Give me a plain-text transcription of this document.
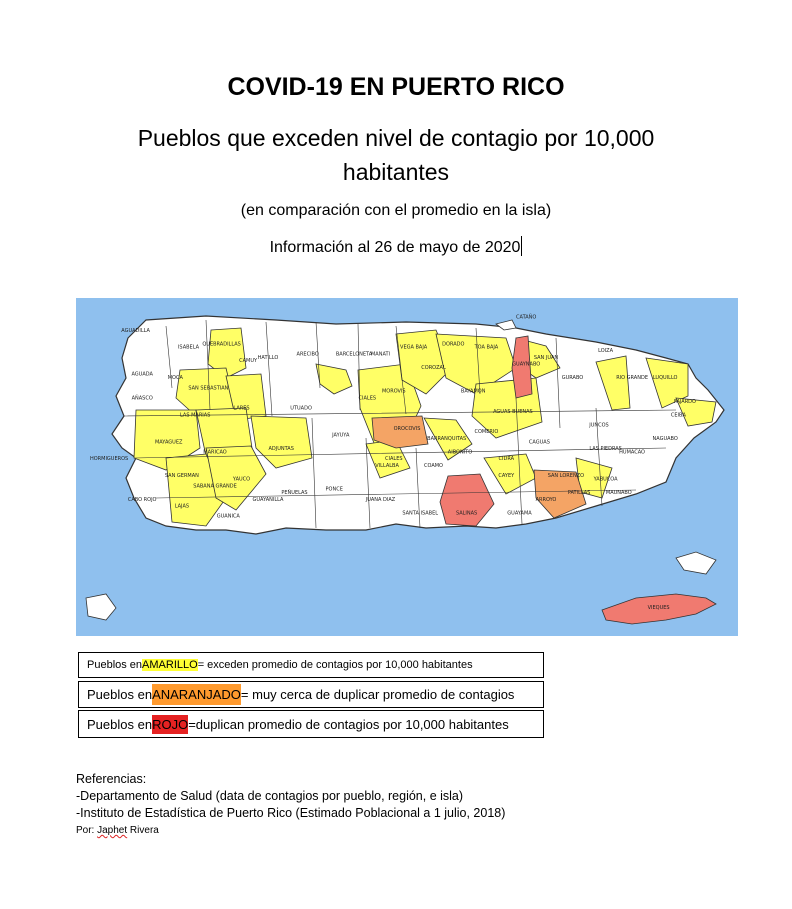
COVID-19 EN PUERTO RICO
Pueblos que exceden nivel de contagio por 10,000 habitantes
(en comparación con el promedio en la isla)
Información al 26 de mayo de 2020
AGUADILLA
ISABELA
QUEBRADILLAS
CAMUY
HATILLO
ARECIBO	BARCELONETA
MANATI
VEGA BAJA
DORADO
TOA BAJA
CATAÑO
GUAYNABO
SAN JUAN
LOIZA
RIO GRANDE LUQUILLO
FAJARDO
CEIBA
AGUADA
MOCA
SAN SEBASTIAN
LARES	UTUADO
CIALES
MOROVIS
COROZAL
BAYAMON
AGUAS BUENAS
GURABO
JUNCOS
NAGUABO
AÑASCO
LAS MARIAS
MAYAGUEZ
MARICAO
ADJUNTAS
JAYUYA
OROCOVIS
BARRANQUITAS
COMERIO
CIDRA
CAGUAS
SAN LORENZO
LAS PIEDRAS
HUMACAO
HORMIGUEROS
SAN GERMAN
SABANA GRANDE
YAUCO
CIALES
VILLALBA	COAMO
AIBONITO
CAYEY
YABUCOA
CABO ROJO
LAJAS
GUANICA
GUAYANILLA
PEÑUELAS
PONCE
JUANA DIAZ
SANTA ISABEL	SALINAS	GUAYAMA
ARROYO
PATILLAS	MAUNABO
VIEQUES
Pueblos en AMARILLO = exceden promedio de contagios por 10,000 habitantes
Pueblos en ANARANJADO = muy cerca de duplicar promedio de contagios
Pueblos en ROJO =duplican promedio de contagios por 10,000 habitantes
Referencias:
-Departamento de Salud (data de contagios por pueblo, región, e isla)
-Instituto de Estadística de Puerto Rico (Estimado Poblacional a 1 julio, 2018)
Por: Japhet Rivera
